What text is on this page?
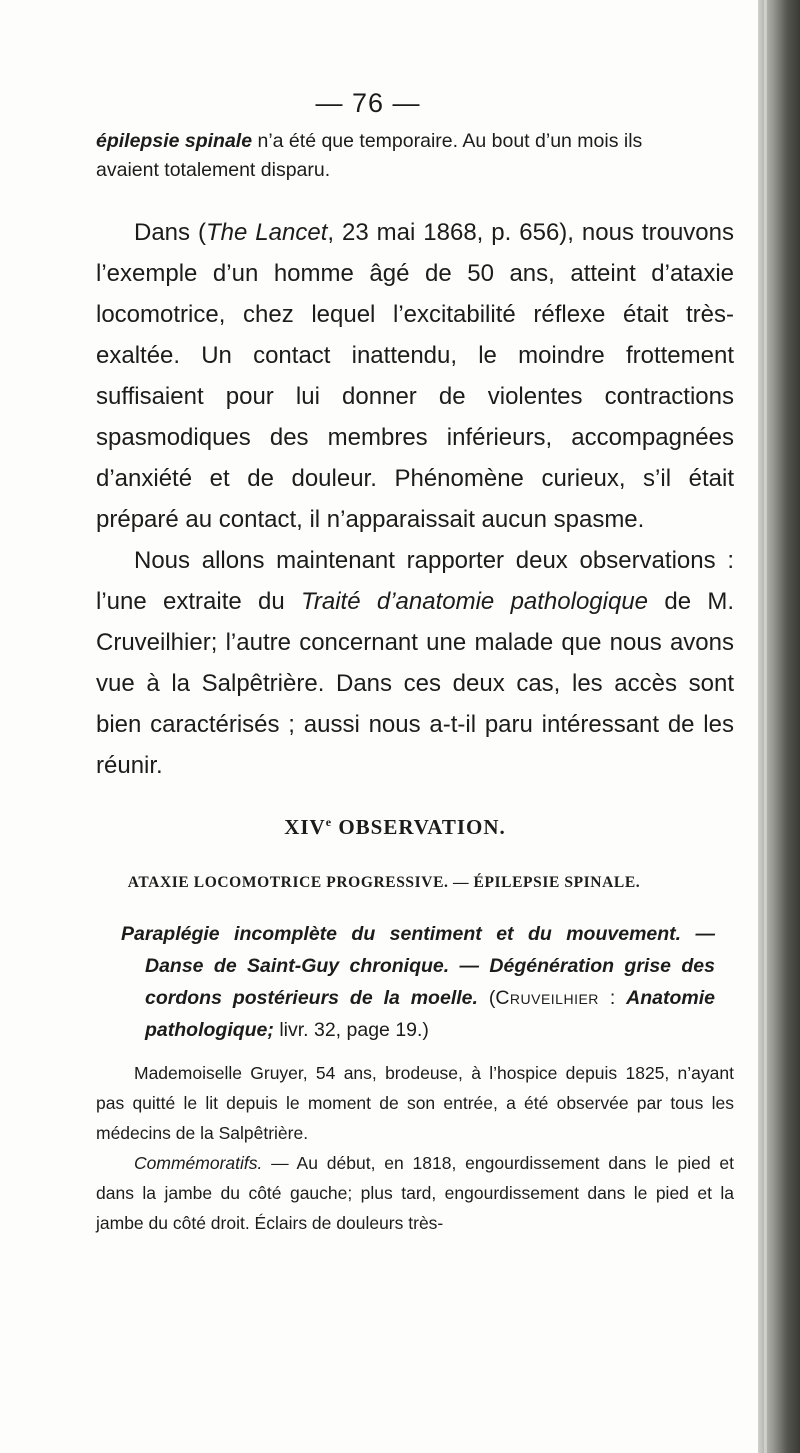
— 76 —

épilepsie spinale n’a été que temporaire. Au bout d’un mois ils
avaient totalement disparu.

Dans (The Lancet, 23 mai 1868, p. 656), nous trouvons l’exemple d’un homme âgé de 50 ans, atteint d’ataxie locomotrice, chez lequel l’excitabilité réflexe était très-exaltée. Un contact inattendu, le moindre frottement suffisaient pour lui donner de violentes contractions spasmodiques des membres inférieurs, accompagnées d’anxiété et de douleur. Phénomène curieux, s’il était préparé au contact, il n’apparaissait aucun spasme.

Nous allons maintenant rapporter deux observations : l’une extraite du Traité d’anatomie pathologique de M. Cruveilhier; l’autre concernant une malade que nous avons vue à la Salpêtrière. Dans ces deux cas, les accès sont bien caractérisés ; aussi nous a-t-il paru intéressant de les réunir.

XIVe OBSERVATION.
ATAXIE LOCOMOTRICE PROGRESSIVE. — ÉPILEPSIE SPINALE.

Paraplégie incomplète du sentiment et du mouvement. — Danse de Saint-Guy chronique. — Dégénération grise des cordons postérieurs de la moelle. (Cruveilhier : Anatomie pathologique; livr. 32, page 19.)

Mademoiselle Gruyer, 54 ans, brodeuse, à l’hospice depuis 1825, n’ayant pas quitté le lit depuis le moment de son entrée, a été observée par tous les médecins de la Salpêtrière.

Commémoratifs. — Au début, en 1818, engourdissement dans le pied et dans la jambe du côté gauche; plus tard, engourdissement dans le pied et la jambe du côté droit. Éclairs de douleurs très-
